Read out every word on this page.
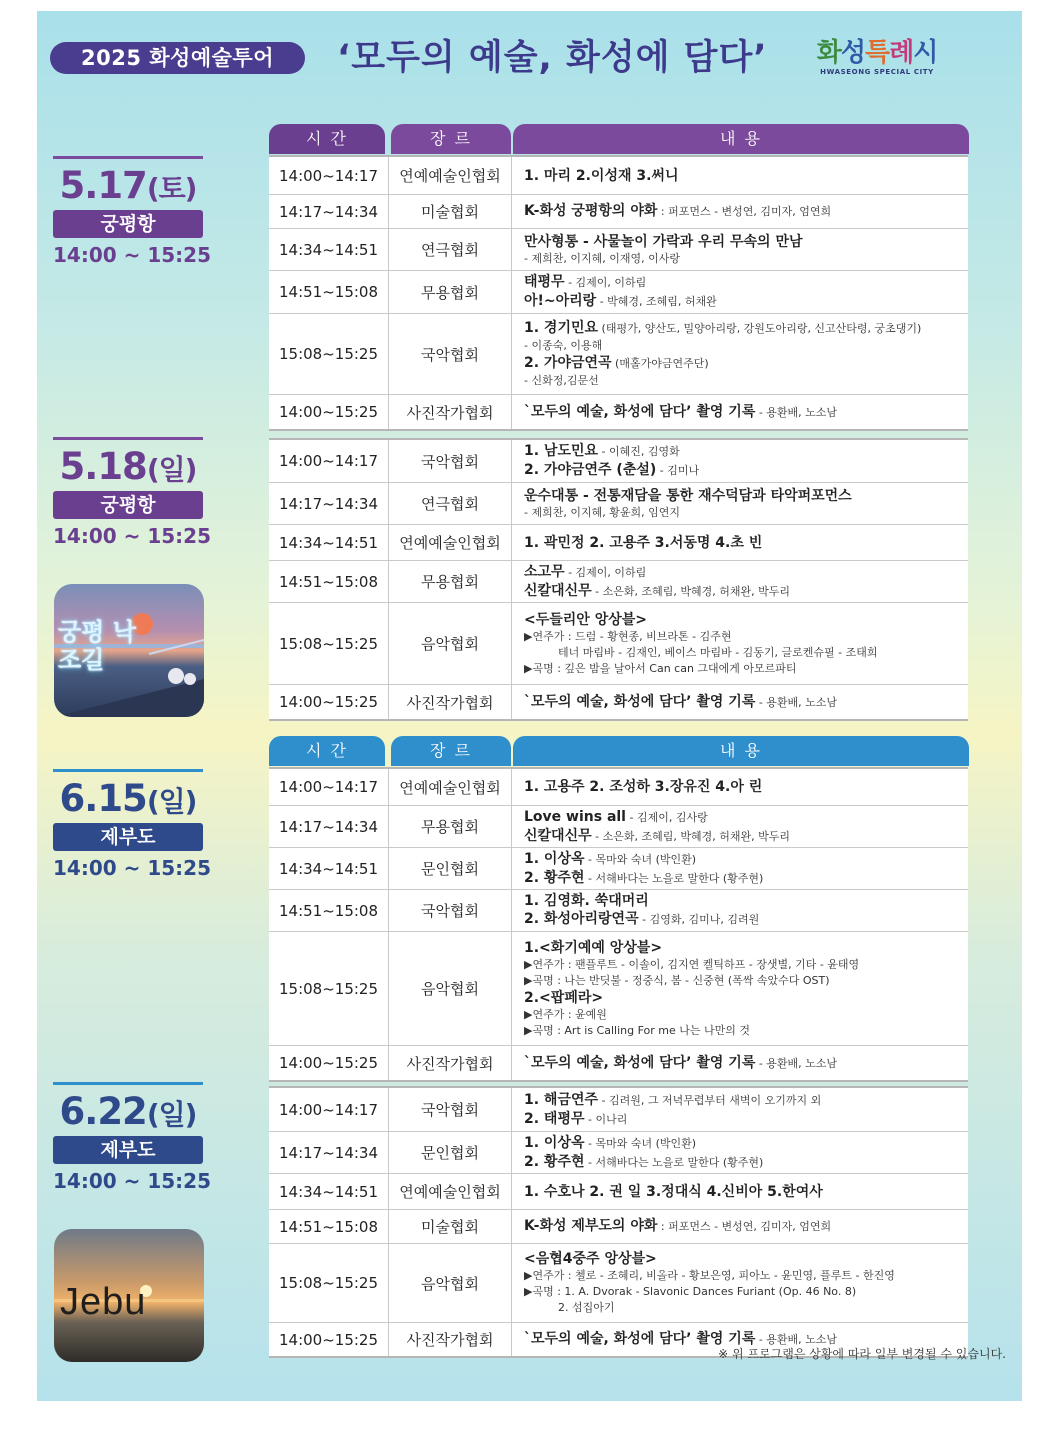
2025 화성예술투어	‘모두의 예술, 화성에 담다’ 화성특례시
HWASEONG SPECIAL CITY
시 간	장 르	내 용
5.17(토)
궁평항
14:00 ~ 15:25
14:00~14:17	연예예술인협회	1. 마리 2.이성재 3.써니
14:17~14:34	미술협회	K-화성 궁평항의 야화 : 퍼포먼스 - 변성연, 김미자, 엄연희
14:34~14:51	연극협회	만사형통 - 사물놀이 가락과 우리 무속의 만남
- 제희찬, 이지혜, 이재영, 이사랑
14:51~15:08	무용협회
태평무 - 김제이, 이하림
아!~아리랑 - 박혜경, 조혜림, 허채완
15:08~15:25	국악협회
1. 경기민요 (태평가, 양산도, 밀양아리랑, 강원도아리랑, 신고산타령, 궁초댕기)
- 이종숙, 이용해
2. 가야금연곡 (매홀가야금연주단)
- 신화정,김문선
14:00~15:25	사진작가협회	`모두의 예술, 화성에 담다’ 촬영 기록 - 용환배, 노소남
5.18(일)
궁평항
14:00 ~ 15:25
궁평 낙조길
14:00~14:17	국악협회
1. 남도민요 - 이혜진, 김영화
2. 가야금연주 (춘설) - 김미나
14:17~14:34	연극협회	운수대통 - 전통재담을 통한 재수덕담과 타악퍼포먼스
- 제희찬, 이지혜, 황윤희, 임연지
14:34~14:51	연예예술인협회	1. 곽민정 2. 고용주 3.서동명 4.초 빈
14:51~15:08	무용협회
소고무 - 김제이, 이하림
신칼대신무 - 소은화, 조혜림, 박혜경, 허채완, 박두리
15:08~15:25	음악협회
<두들리안 앙상블>
▶연주가 : 드럼 - 황현종, 비브라톤 - 김주현
테너 마림바 - 김재인, 베이스 마림바 - 김동기, 글로켄슈필 - 조태희
▶곡명 : 깊은 밤을 날아서 Can can 그대에게 아모르파티
14:00~15:25	사진작가협회	`모두의 예술, 화성에 담다’ 촬영 기록 - 용환배, 노소남
시 간	장 르	내 용
6.15(일)
제부도
14:00 ~ 15:25
14:00~14:17	연예예술인협회	1. 고용주 2. 조성하 3.장유진 4.아 린
14:17~14:34	무용협회
Love wins all - 김제이, 김사랑
신칼대신무 - 소은화, 조혜림, 박혜경, 허채완, 박두리
14:34~14:51	문인협회
1. 이상옥 - 목마와 숙녀 (박인환)
2. 황주현 - 서해바다는 노을로 말한다 (황주현)
14:51~15:08	국악협회
1. 김영화. 쑥대머리
2. 화성아리랑연곡 - 김영화, 김미나, 김려원
15:08~15:25	음악협회
1.<화기예예 앙상블>
▶연주가 : 팬플루트 - 이솔이, 김지연 켈틱하프 - 장샛별, 기타 - 윤태영
▶곡명 : 나는 반딧불 - 정중식, 봄 - 신중현 (폭싹 속았수다 OST)
2.<팝페라>
▶연주가 : 윤예원
▶곡명 : Art is Calling For me 나는 나만의 것
14:00~15:25	사진작가협회	`모두의 예술, 화성에 담다’ 촬영 기록 - 용환배, 노소남
6.22(일)
제부도
14:00 ~ 15:25
Jebu
14:00~14:17	국악협회
1. 해금연주 - 김려원, 그 저녁무렵부터 새벽이 오기까지 외
2. 태평무 - 이나리
14:17~14:34	문인협회
1. 이상옥 - 목마와 숙녀 (박인환)
2. 황주현 - 서해바다는 노을로 말한다 (황주현)
14:34~14:51	연예예술인협회	1. 수호나 2. 권 일 3.정대식 4.신비아 5.한여사
14:51~15:08	미술협회	K-화성 제부도의 야화 : 퍼포먼스 - 변성연, 김미자, 엄연희
15:08~15:25	음악협회
<음협4중주 앙상블>
▶연주가 : 첼로 - 조혜리, 비올라 - 황보은영, 피아노 - 윤민영, 플루트 - 한진영
▶곡명 : 1. A. Dvorak - Slavonic Dances Furiant (Op. 46 No. 8)
2. 섬집아기
14:00~15:25	사진작가협회	`모두의 예술, 화성에 담다’ 촬영 기록 - 용환배, 노소남
※ 위 프로그램은 상황에 따라 일부 변경될 수 있습니다.
